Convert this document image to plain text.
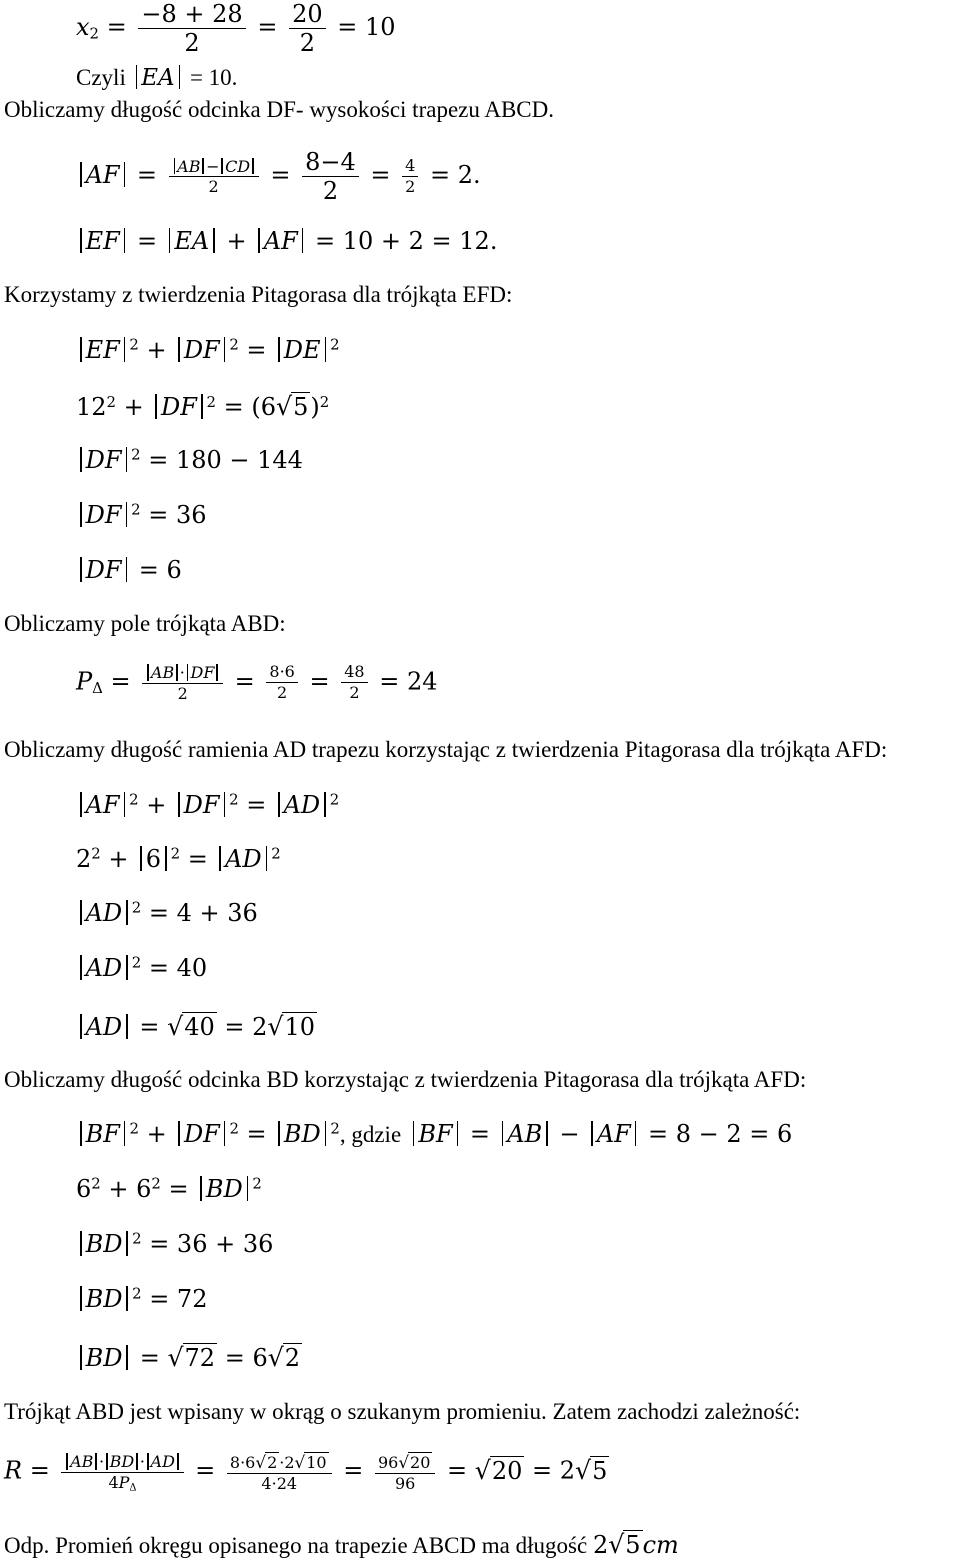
$x_2 = \frac{-8 + 28}{2} = \frac{20}{2} = 10$
Czyli EA = 10.
Obliczamy długość odcinka DF- wysokości trapezu ABCD.
AF = $\frac{AB - CD}{2} = \frac{8-4}{2} = \frac{4}{2} = 2$.
EF = EA + AF = 10 + 2 = 12.
Korzystamy z twierdzenia Pitagorasa dla trójkąta EFD:
EF $^2$ + DF $^2$ = DE $^2$
$12^2$ + DF $^2 = (6√5)^2$
DF $^2$ = 180 − 144
DF $^2$ = 36
DF = 6
Obliczamy pole trójkąta ABD:
$P_\Delta = \frac{AB \cdot DF}{2} = \frac{8\cdot 6}{2} = \frac{48}{2} = 24$
Obliczamy długość ramienia AD trapezu korzystając z twierdzenia Pitagorasa dla trójkąta AFD:
AF $^2$ + DF $^2$ = AD $^2$
$2^2 + 6$ $^2$ = AD $^2$
AD $^2$ = 4 + 36
AD $^2$ = 40
AD = √40 = 2√10
Obliczamy długość odcinka BD korzystając z twierdzenia Pitagorasa dla trójkąta AFD:
BF $^2$ + DF $^2$ = BD $^2$, gdzie BF = AB − AF = 8 − 2 = 6
$6^2 + 6^2$ = BD $^2$
BD $^2$ = 36 + 36
BD $^2$ = 72
BD = √72 = 6√2
Trójkąt ABD jest wpisany w okrąg o szukanym promieniu. Zatem zachodzi zależność:
$R = \frac{AB \cdot BD \cdot AD}{4P_\Delta} = \frac{8\cdot 6√2 \cdot 2√10}{4\cdot 24} = \frac{96√20}{96} = √20 = 2√5$
Odp. Promień okręgu opisanego na trapezie ABCD ma długość 2√5cm
